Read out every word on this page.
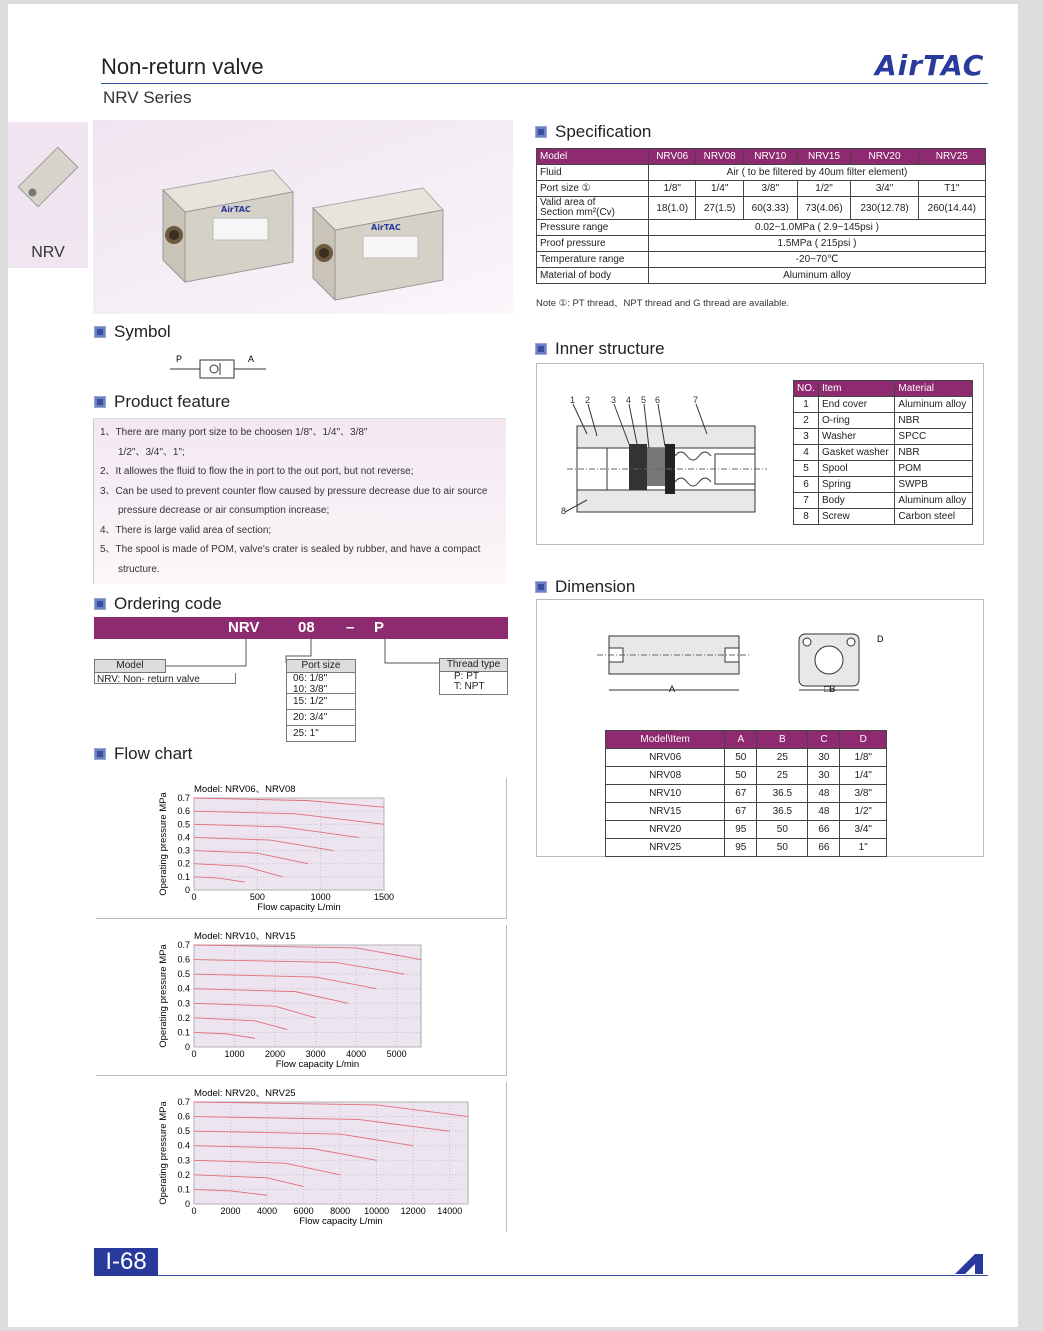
Non-return valve
NRV Series
AirTAC
NRV
AirTAC
AirTAC
Symbol
P	A
Product feature

1、There are many port size to be choosen 1/8"、1/4"、3/8"

1/2"、3/4"、1";

2、It allowes the fluid to flow the in port to the out port, but not reverse;

3、Can be used to prevent counter flow caused by pressure decrease due to air source

pressure decrease or air consumption increase;

4、There is large valid area of section;

5、The spool is made of POM, valve's crater is sealed by rubber, and have a compact

structure.

Ordering code
NRV	08 – P
Model
NRV: Non- return valve
Port size
06: 1/8"
10: 3/8"
15: 1/2"
20: 3/4"
25: 1"
Thread type
P: PT
T: NPT
Flow chart
0
0.1
0.2
0.3
0.4
0.5
0.6
0.7
0	500	1000	1500
Model: NRV06、NRV08
Flow capacity L/min
Operating pressure MPa
0
0.1
0.2
0.3
0.4
0.5
0.6
0.7
0	1000 2000 3000 4000 5000
Model: NRV10、NRV15
Flow capacity L/min
Operating pressure MPa
0
0.1
0.2
0.3
0.4
0.5
0.6
0.7
0	2000 4000 6000 8000 10000 12000 14000
Model: NRV20、NRV25
Flow capacity L/min
Operating pressure MPa
Specification
Model	NRV06	NRV08	NRV10	NRV15	NRV20	NRV25
Fluid	Air ( to be filtered by 40um filter element)					
Port size ①	1/8"	1/4"	3/8"	1/2"	3/4"	T1"

Valid area of
Section mm²(Cv)	18(1.0)	27(1.5)	60(3.33)	73(4.06)	230(12.78)	260(14.44)
Pressure range	0.02~1.0MPa ( 2.9~145psi )					
Proof pressure	1.5MPa ( 215psi )					
Temperature range	-20~70℃					
Material of body	Aluminum alloy					
Note ①: PT thread、NPT thread and G thread are available.
Inner structure
1 2 3 4 5 6	7
8
NO.	Item	Material
1	End cover	Aluminum alloy
2	O-ring	NBR
3	Washer	SPCC
4	Gasket washer	NBR
5	Spool	POM
6	Spring	SWPB
7	Body	Aluminum alloy
8	Screw	Carbon steel
Dimension
A	□B
D
Model\Item	A	B	C	D
NRV06	50	25	30	1/8"
NRV08	50	25	30	1/4"
NRV10	67	36.5	48	3/8"
NRV15	67	36.5	48	1/2"
NRV20	95	50	66	3/4"
NRV25	95	50	66	1"
I-68
